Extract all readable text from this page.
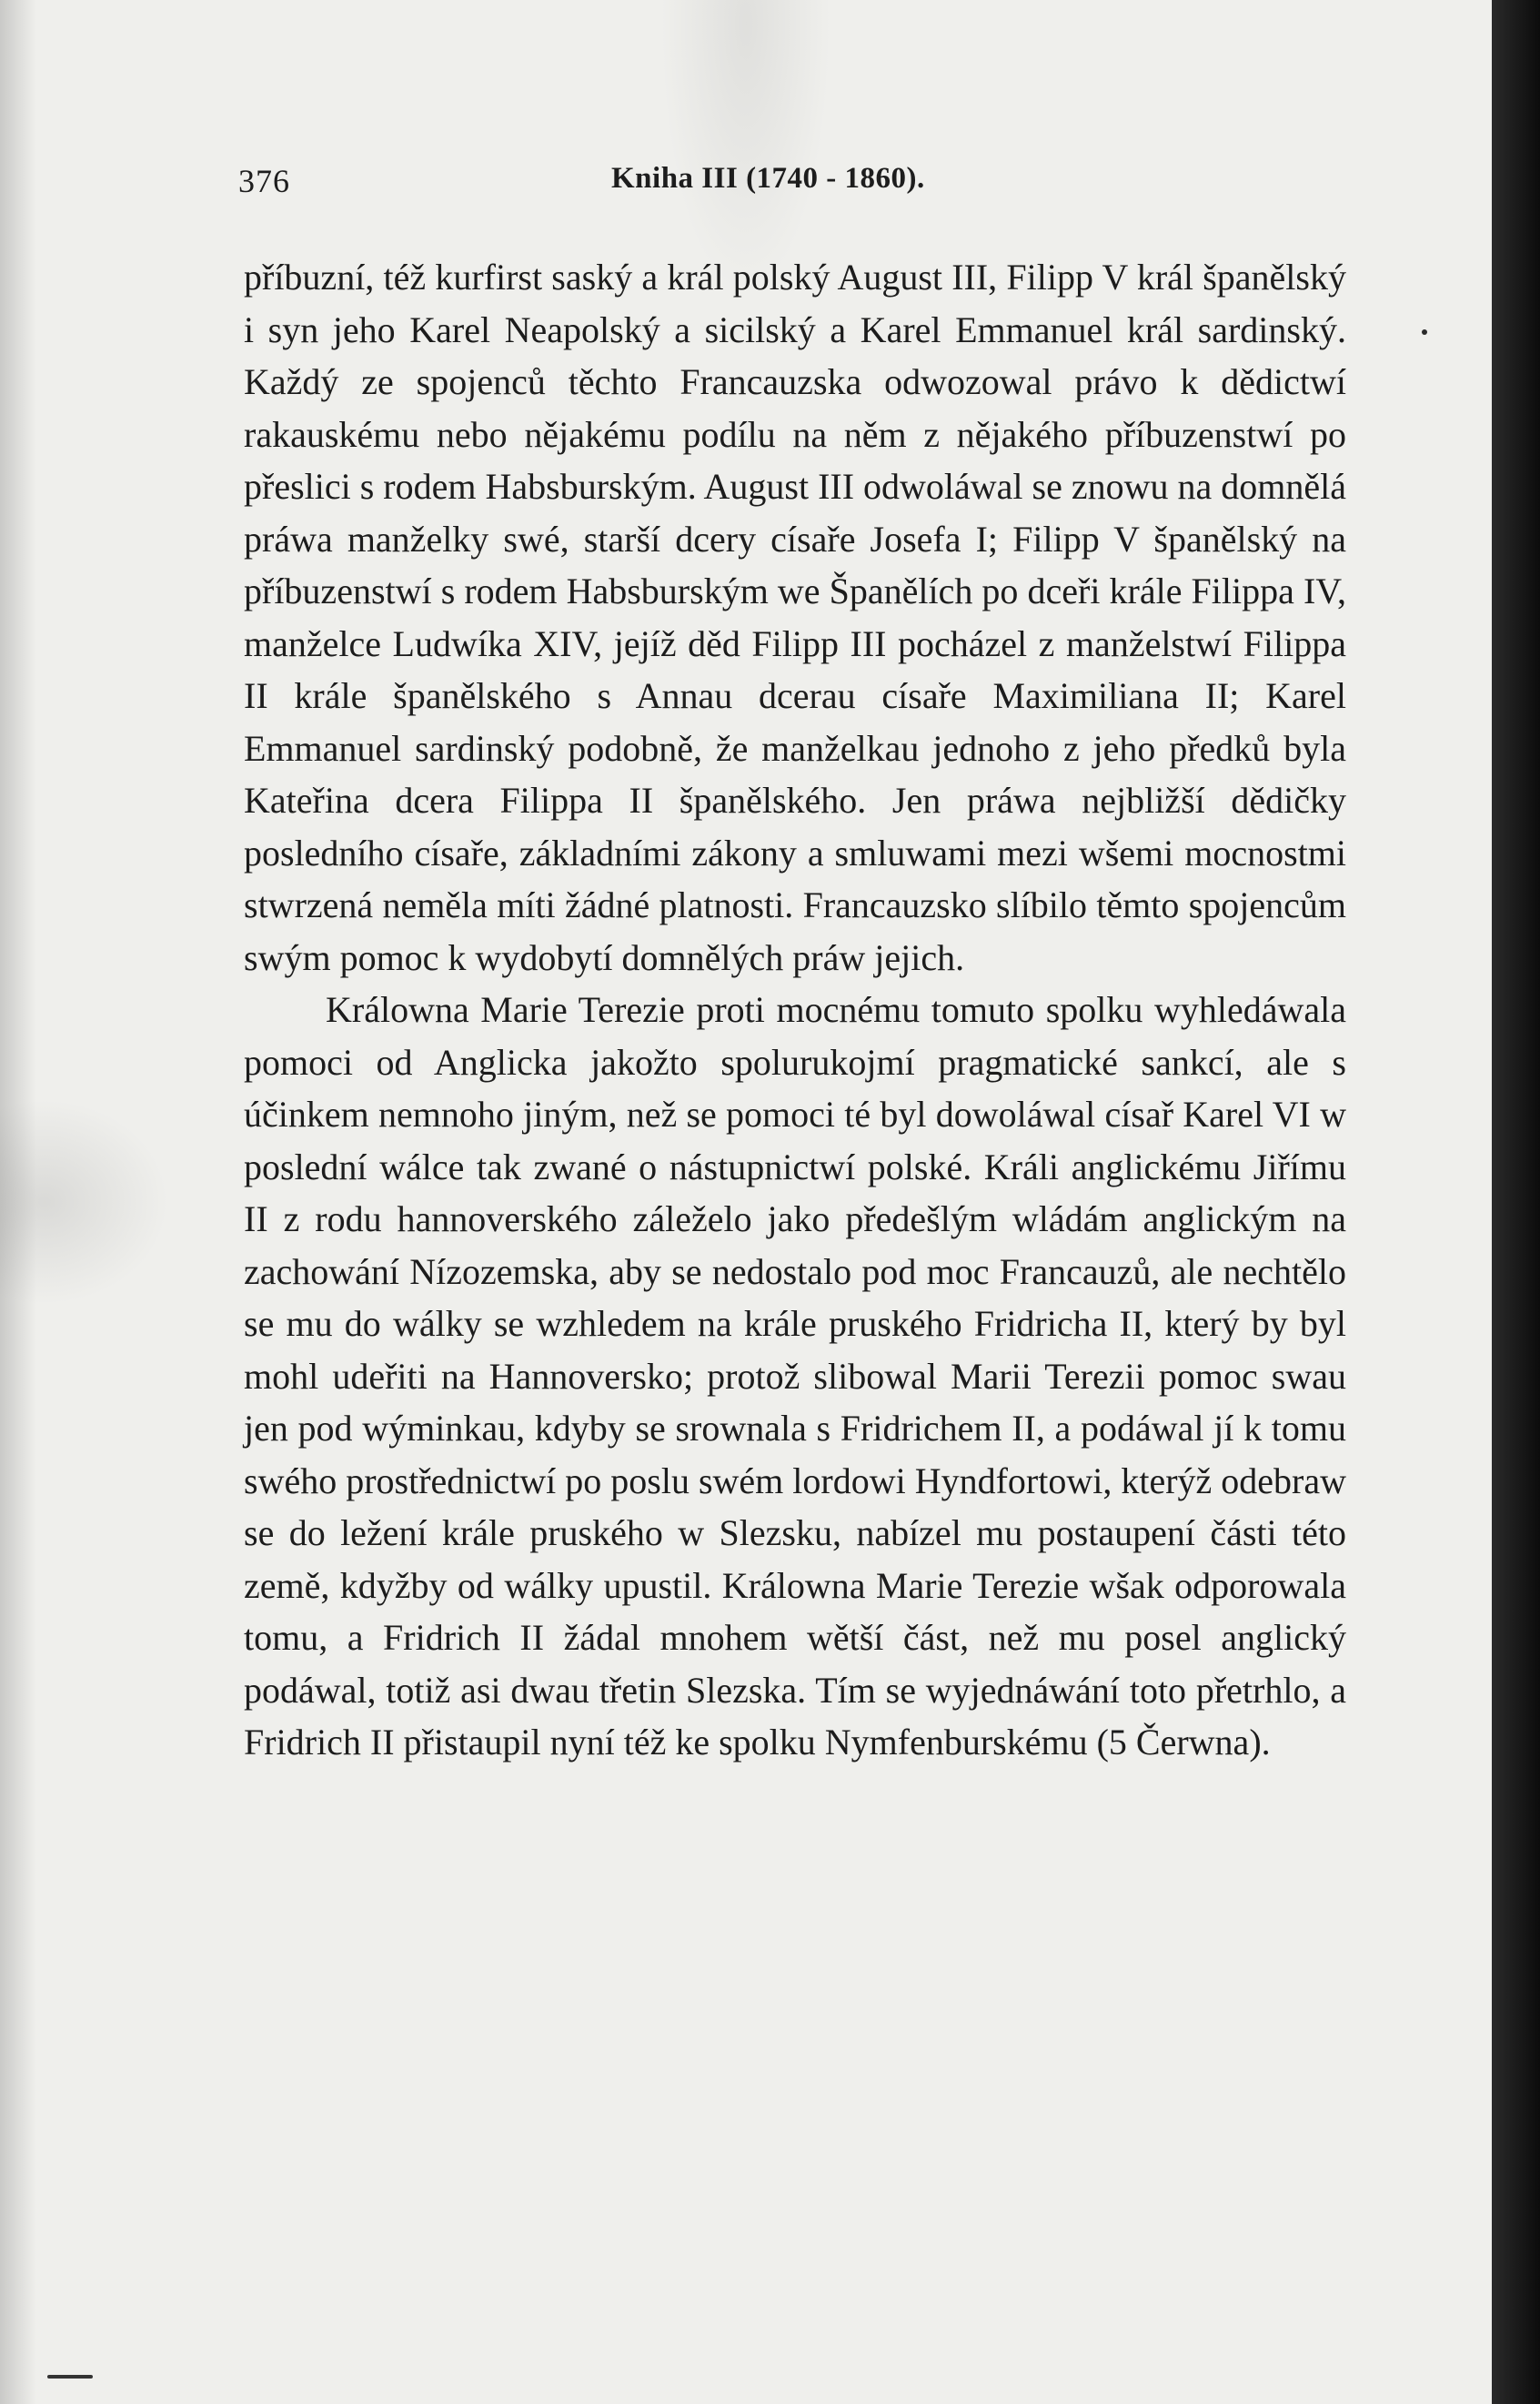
376	Kniha III (1740 - 1860).

příbuzní, též kurfirst saský a král polský August III, Filipp V král španělský i syn jeho Karel Neapolský a sicilský a Karel Emmanuel král sardinský. Každý ze spojenců těchto Francauzska odwozowal právo k dědictwí rakauskému nebo nějakému podílu na něm z nějakého příbuzenstwí po přeslici s rodem Habsburským. August III odwoláwal se znowu na domnělá práwa manželky swé, starší dcery císaře Josefa I; Filipp V španělský na příbuzenstwí s rodem Habsburským we Španělích po dceři krále Filippa IV, manželce Ludwíka XIV, jejíž děd Filipp III pocházel z manželstwí Filippa II krále španělského s Annau dcerau císaře Maximiliana II; Karel Emmanuel sardinský podobně, že manželkau jednoho z jeho předků byla Kateřina dcera Filippa II španělského. Jen práwa nejbližší dědičky posledního císaře, základními zákony a smluwami mezi wšemi mocnostmi stwrzená neměla míti žádné platnosti. Francauzsko slíbilo těmto spojencům swým pomoc k wydobytí domnělých práw jejich.

Králowna Marie Terezie proti mocnému tomuto spolku wyhledáwala pomoci od Anglicka jakožto spolurukojmí pragmatické sankcí, ale s účinkem nemnoho jiným, než se pomoci té byl dowoláwal císař Karel VI w poslední wálce tak zwané o nástupnictwí polské. Králi anglickému Jiřímu II z rodu hannoverského záleželo jako předešlým wládám anglickým na zachowání Nízozemska, aby se nedostalo pod moc Francauzů, ale nechtělo se mu do wálky se wzhledem na krále pruského Fridricha II, který by byl mohl udeřiti na Hannoversko; protož slibowal Marii Terezii pomoc swau jen pod wýminkau, kdyby se srownala s Fridrichem II, a podáwal jí k tomu swého prostřednictwí po poslu swém lordowi Hyndfortowi, kterýž odebraw se do ležení krále pruského w Slezsku, nabízel mu postaupení části této země, kdyžby od wálky upustil. Králowna Marie Terezie wšak odporowala tomu, a Fridrich II žádal mnohem wětší část, než mu posel anglický podáwal, totiž asi dwau třetin Slezska. Tím se wyjednáwání toto přetrhlo, a Fridrich II přistaupil nyní též ke spolku Nymfenburskému (5 Čerwna).
